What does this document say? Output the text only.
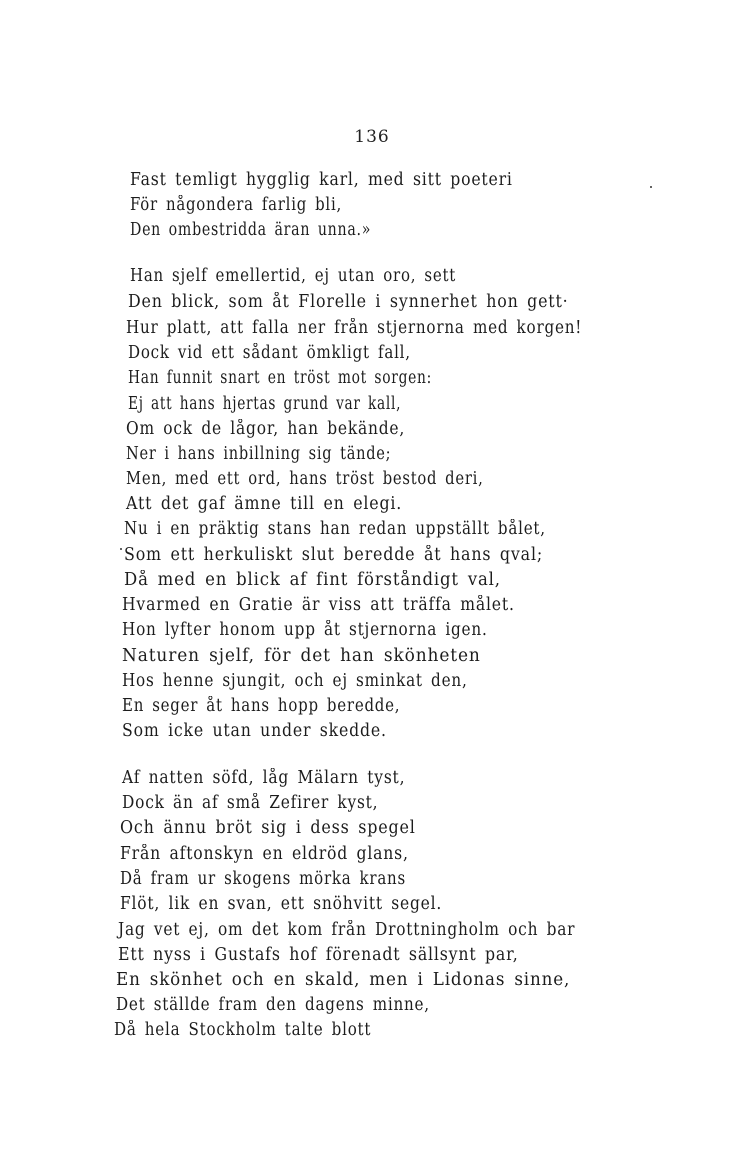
136
Fast temligt hygglig karl, med sitt poeteri
För någondera farlig bli,
Den ombestridda äran unna.»
Han sjelf emellertid, ej utan oro, sett
Den blick, som åt Florelle i synnerhet hon gett·
Hur platt, att falla ner från stjernorna med korgen!
Dock vid ett sådant ömkligt fall,
Han funnit snart en tröst mot sorgen:
Ej att hans hjertas grund var kall,
Om ock de lågor, han bekände,
Ner i hans inbillning sig tände;
Men, med ett ord, hans tröst bestod deri,
Att det gaf ämne till en elegi.
Nu i en präktig stans han redan uppställt bålet,
Som ett herkuliskt slut beredde åt hans qval;
Då med en blick af fint förståndigt val,
Hvarmed en Gratie är viss att träffa målet.
Hon lyfter honom upp åt stjernorna igen.
Naturen sjelf, för det han skönheten
Hos henne sjungit, och ej sminkat den,
En seger åt hans hopp beredde,
Som icke utan under skedde.
Af natten söfd, låg Mälarn tyst,
Dock än af små Zefirer kyst,
Och ännu bröt sig i dess spegel
Från aftonskyn en eldröd glans,
Då fram ur skogens mörka krans
Flöt, lik en svan, ett snöhvitt segel.
Jag vet ej, om det kom från Drottningholm och bar
Ett nyss i Gustafs hof förenadt sällsynt par,
En skönhet och en skald, men i Lidonas sinne,
Det ställde fram den dagens minne,
Då hela Stockholm talte blott
